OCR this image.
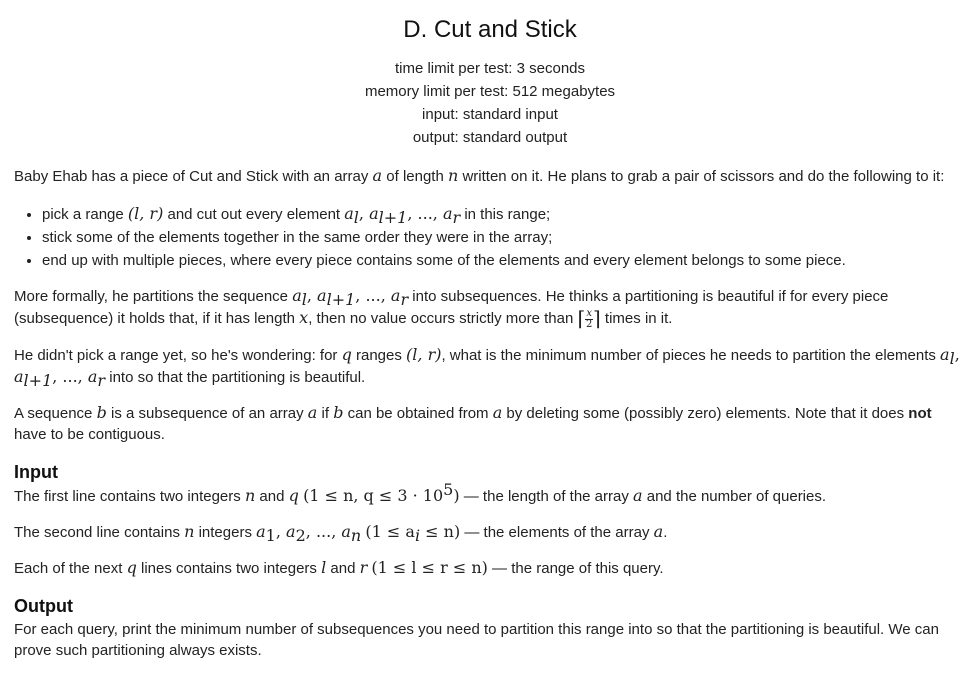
D. Cut and Stick
time limit per test: 3 seconds
memory limit per test: 512 megabytes
input: standard input
output: standard output

Baby Ehab has a piece of Cut and Stick with an array a of length n written on it. He plans to grab a pair of scissors and do the following to it:

• pick a range (l, r) and cut out every element $a_l$, $a_{l+1}$, ..., $a_r$ in this range;
• stick some of the elements together in the same order they were in the array;
• end up with multiple pieces, where every piece contains some of the elements and every element belongs to some piece.

More formally, he partitions the sequence $a_l$, $a_{l+1}$, ..., $a_r$ into subsequences. He thinks a partitioning is beautiful if for every piece (subsequence) it holds that, if it has length x, then no value occurs strictly more than ⌈ $\frac{x}{2}$ ⌉ times in it.

He didn't pick a range yet, so he's wondering: for q ranges (l, r), what is the minimum number of pieces he needs to partition the elements $a_l$, $a_{l+1}$, ..., $a_r$ into so that the partitioning is beautiful.

A sequence b is a subsequence of an array a if b can be obtained from a by deleting some (possibly zero) elements. Note that it does not have to be contiguous.

Input

The first line contains two integers n and q (1 ≤ n, $q \le 3 \cdot 10^5$) — the length of the array a and the number of queries.

The second line contains n integers $a_1$, $a_2$, ..., $a_n$ $(1 \le a_i \le n)$ — the elements of the array a.

Each of the next q lines contains two integers l and r (1 ≤ l ≤ r ≤ n) — the range of this query.

Output

For each query, print the minimum number of subsequences you need to partition this range into so that the partitioning is beautiful. We can prove such partitioning always exists.
